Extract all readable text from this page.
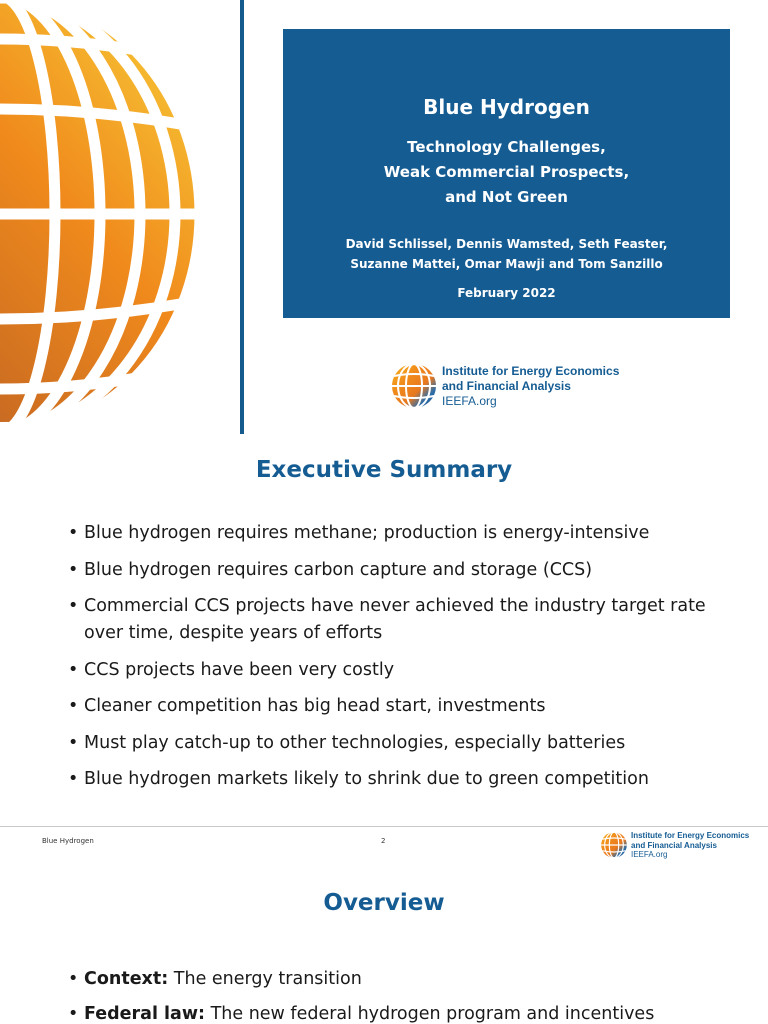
Blue Hydrogen
Technology Challenges,
Weak Commercial Prospects,
and Not Green
David Schlissel, Dennis Wamsted, Seth Feaster,
Suzanne Mattei, Omar Mawji and Tom Sanzillo
February 2022
Institute for Energy Economics
and Financial Analysis
IEEFA.org
Executive Summary
• Blue hydrogen requires methane; production is energy-intensive
• Blue hydrogen requires carbon capture and storage (CCS)
• Commercial CCS projects have never achieved the industry target rate over time, despite years of efforts
• CCS projects have been very costly
• Cleaner competition has big head start, investments
• Must play catch-up to other technologies, especially batteries
• Blue hydrogen markets likely to shrink due to green competition
Blue Hydrogen	2
Institute for Energy Economics
and Financial Analysis
IEEFA.org
Overview
• Context: The energy transition
• Federal law: The new federal hydrogen program and incentives
